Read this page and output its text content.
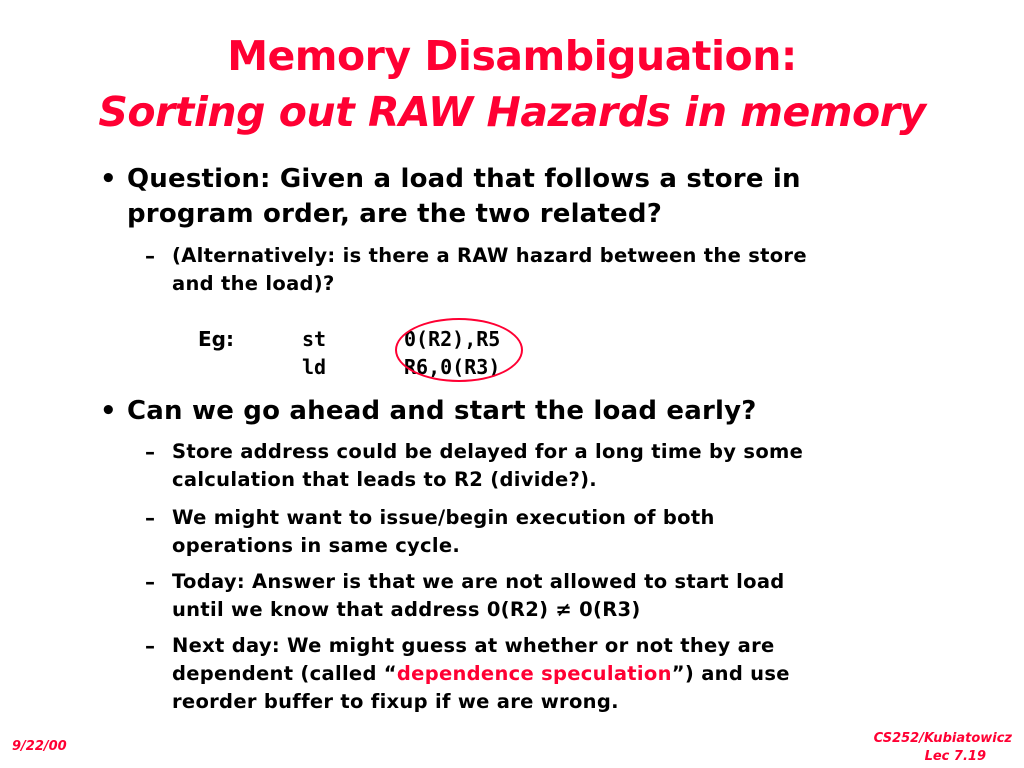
Memory Disambiguation:
Sorting out RAW Hazards in memory
• Question: Given a load that follows a store in
program order, are the two related?
– (Alternatively: is there a RAW hazard between the store
and the load)?
Eg:	st	0(R2),R5
ld	R6,0(R3)
• Can we go ahead and start the load early?
– Store address could be delayed for a long time by some
calculation that leads to R2 (divide?).
– We might want to issue/begin execution of both
operations in same cycle.
– Today: Answer is that we are not allowed to start load
until we know that address 0(R2) ≠ 0(R3)
– Next day: We might guess at whether or not they are
dependent (called “dependence speculation”) and use
reorder buffer to fixup if we are wrong.
9/22/00
CS252/Kubiatowicz
Lec 7.19
